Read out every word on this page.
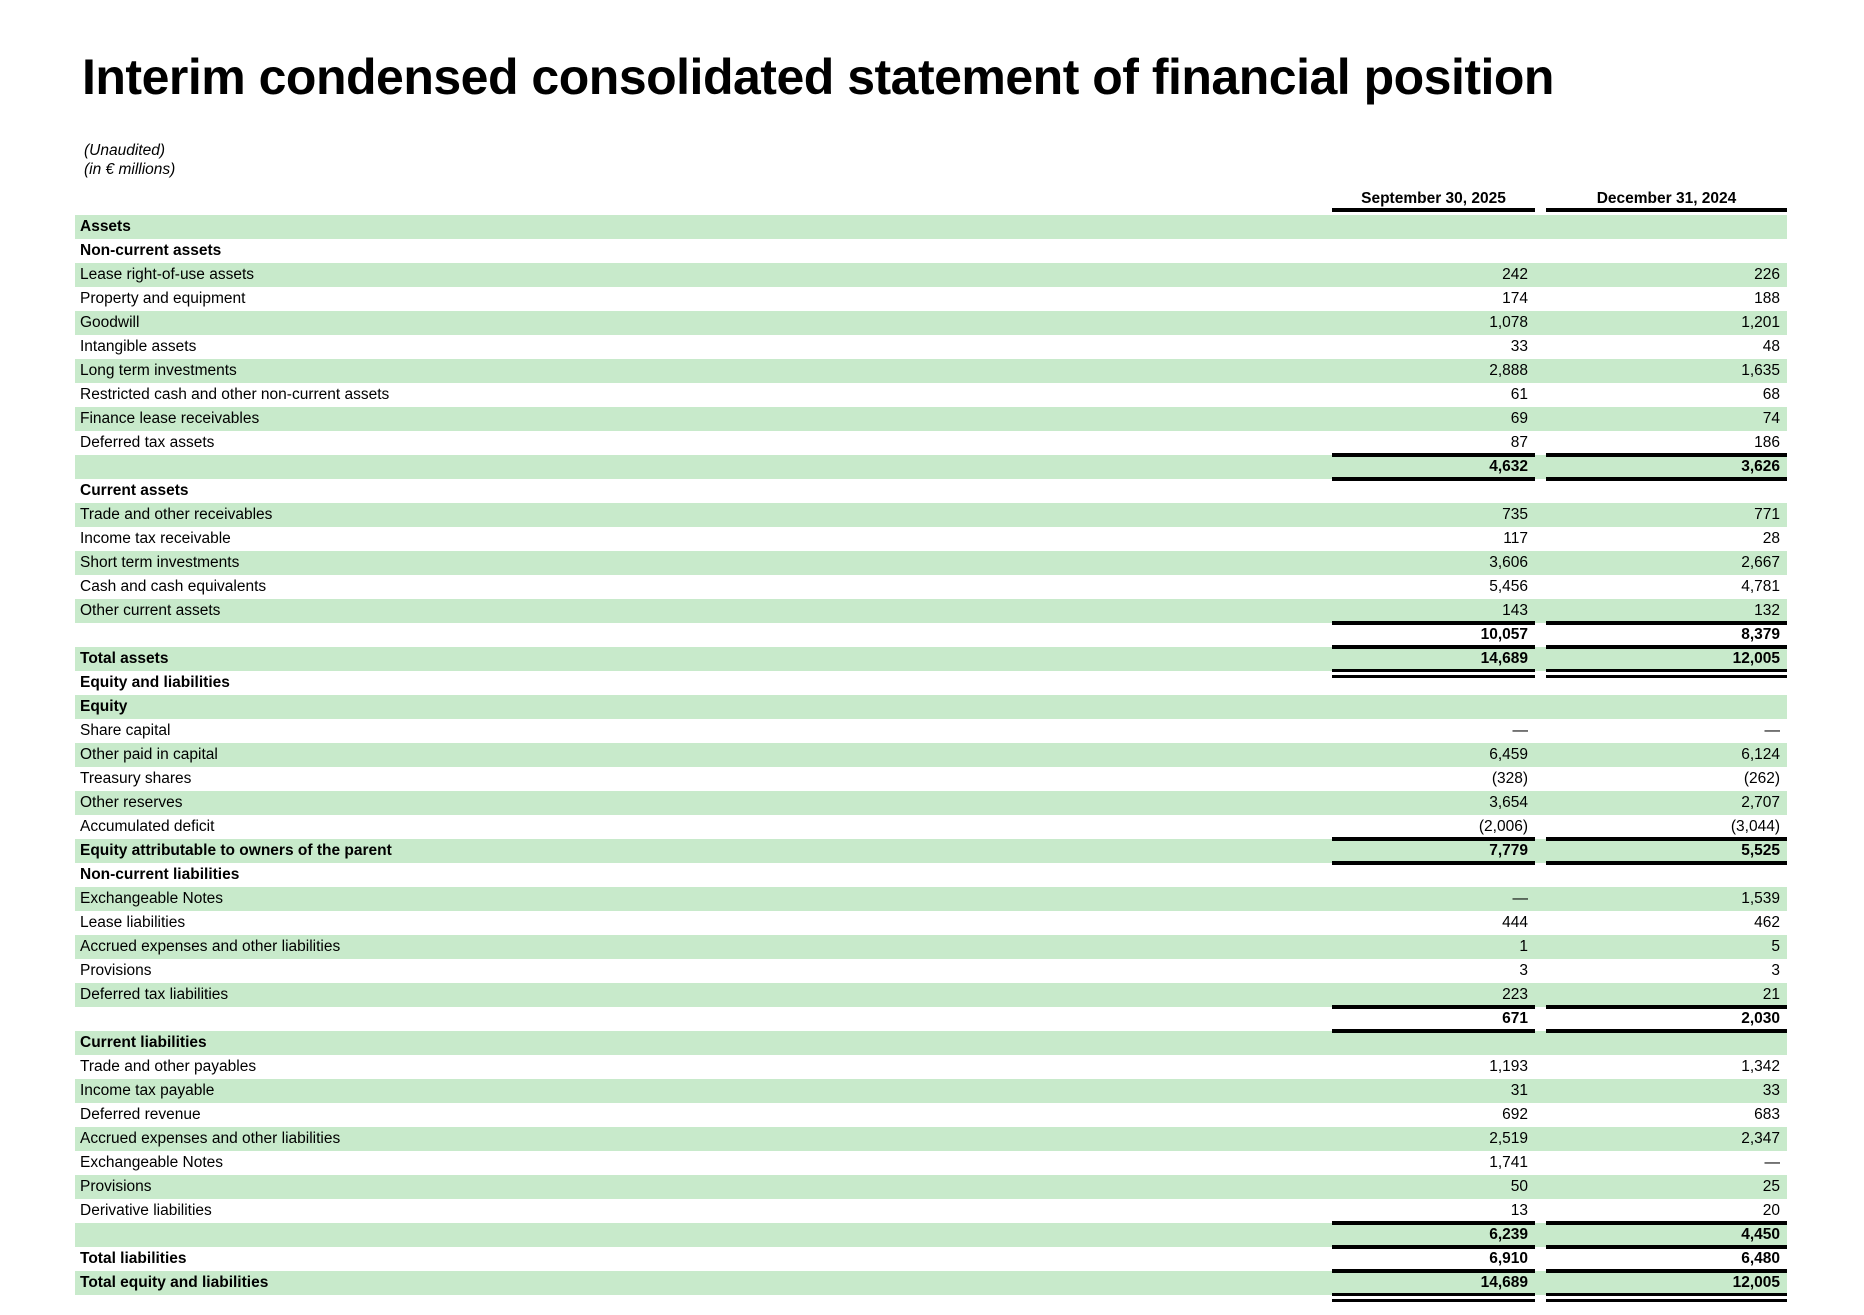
Interim condensed consolidated statement of financial position
(Unaudited)
(in € millions)
September 30, 2025	December 31, 2024
Assets
Non-current assets
Lease right-of-use assets	242	226
Property and equipment	174	188
Goodwill	1,078	1,201
Intangible assets	33	48
Long term investments	2,888	1,635
Restricted cash and other non-current assets	61	68
Finance lease receivables	69	74
Deferred tax assets	87	186
4,632	3,626
Current assets
Trade and other receivables	735	771
Income tax receivable	117	28
Short term investments	3,606	2,667
Cash and cash equivalents	5,456	4,781
Other current assets	143	132
10,057	8,379
Total assets	14,689	12,005
Equity and liabilities
Equity
Share capital	—	—
Other paid in capital	6,459	6,124
Treasury shares	(328)	(262)
Other reserves	3,654	2,707
Accumulated deficit	(2,006)	(3,044)
Equity attributable to owners of the parent	7,779	5,525
Non-current liabilities
Exchangeable Notes	—	1,539
Lease liabilities	444	462
Accrued expenses and other liabilities	1	5
Provisions	3	3
Deferred tax liabilities	223	21
671	2,030
Current liabilities
Trade and other payables	1,193	1,342
Income tax payable	31	33
Deferred revenue	692	683
Accrued expenses and other liabilities	2,519	2,347
Exchangeable Notes	1,741	—
Provisions	50	25
Derivative liabilities	13	20
6,239	4,450
Total liabilities	6,910	6,480
Total equity and liabilities	14,689	12,005
